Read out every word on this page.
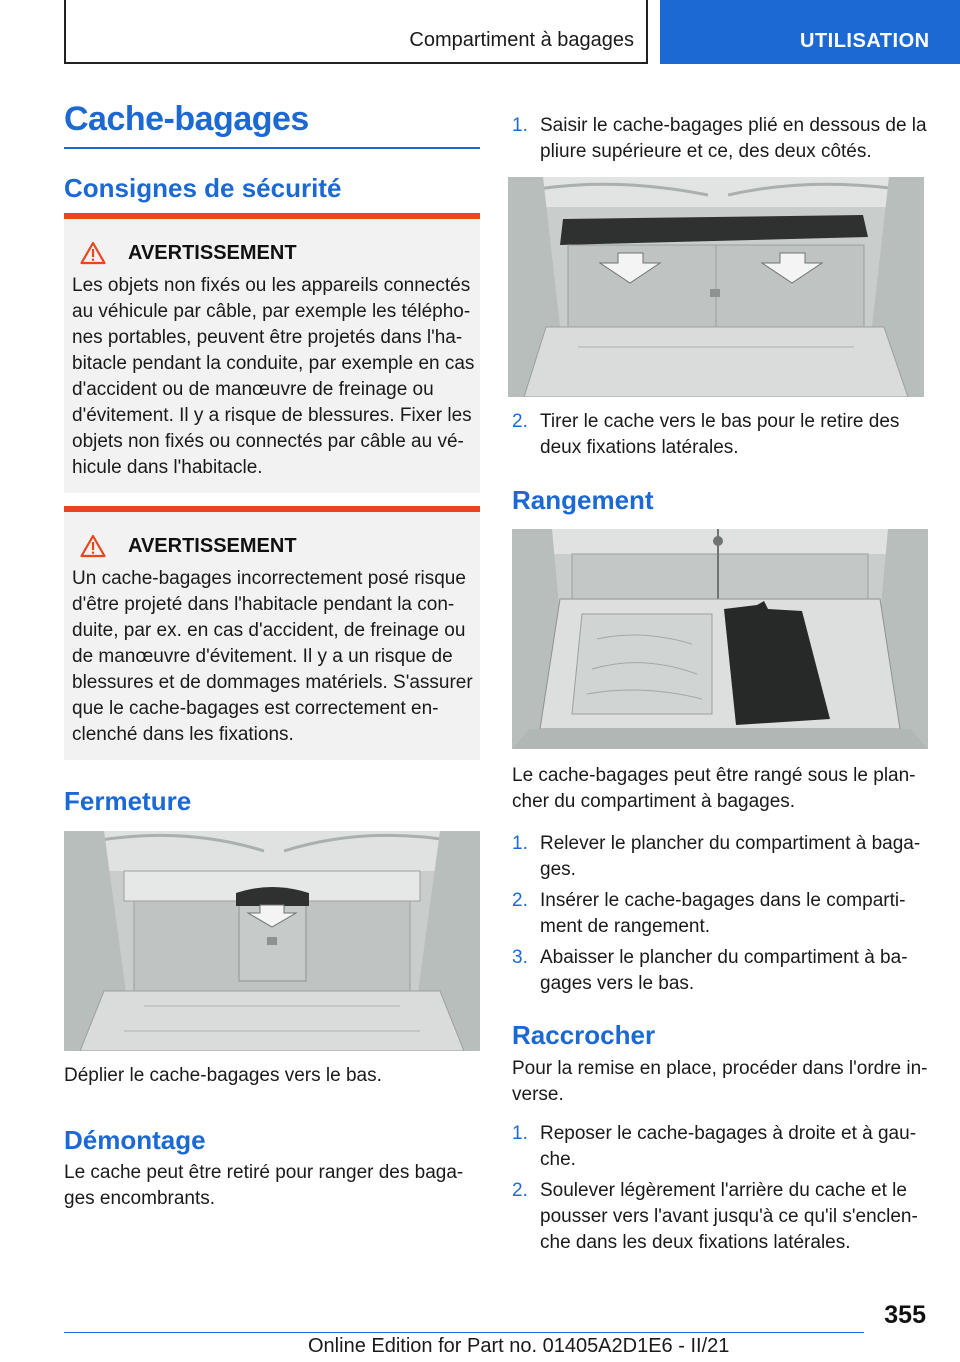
Compartiment à bagages	UTILISATION
Cache-bagages
Consignes de sécurité
AVERTISSEMENT
Les objets non fixés ou les appareils connectés
au véhicule par câble, par exemple les télépho-
nes portables, peuvent être projetés dans l'ha-
bitacle pendant la conduite, par exemple en cas
d'accident ou de manœuvre de freinage ou
d'évitement. Il y a risque de blessures. Fixer les
objets non fixés ou connectés par câble au vé-
hicule dans l'habitacle.
AVERTISSEMENT
Un cache-bagages incorrectement posé risque
d'être projeté dans l'habitacle pendant la con-
duite, par ex. en cas d'accident, de freinage ou
de manœuvre d'évitement. Il y a un risque de
blessures et de dommages matériels. S'assurer
que le cache-bagages est correctement en-
clenché dans les fixations.
Fermeture
Déplier le cache-bagages vers le bas.
Démontage
Le cache peut être retiré pour ranger des baga-
ges encombrants.
1. Saisir le cache-bagages plié en dessous de la
pliure supérieure et ce, des deux côtés.
2. Tirer le cache vers le bas pour le retire des
deux fixations latérales.
Rangement
Le cache-bagages peut être rangé sous le plan-
cher du compartiment à bagages.
1. Relever le plancher du compartiment à baga-
ges.
2. Insérer le cache-bagages dans le comparti-
ment de rangement.
3. Abaisser le plancher du compartiment à ba-
gages vers le bas.
Raccrocher
Pour la remise en place, procéder dans l'ordre in-
verse.
1. Reposer le cache-bagages à droite et à gau-
che.
2. Soulever légèrement l'arrière du cache et le
pousser vers l'avant jusqu'à ce qu'il s'enclen-
che dans les deux fixations latérales.
355
Online Edition for Part no. 01405A2D1E6 - II/21
